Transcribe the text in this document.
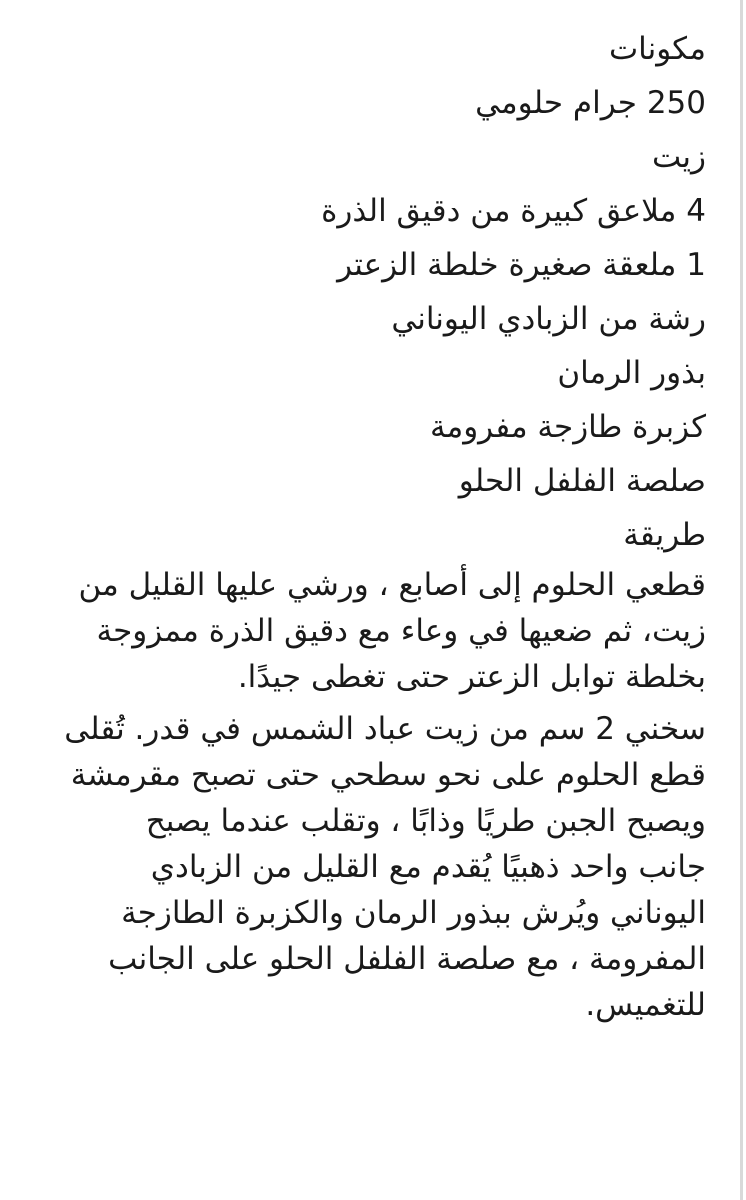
مكونات
250 جرام حلومي
زيت
4 ملاعق كبيرة من دقيق الذرة
1 ملعقة صغيرة خلطة الزعتر
رشة من الزبادي اليوناني
بذور الرمان
كزبرة طازجة مفرومة
صلصة الفلفل الحلو
طريقة
قطعي الحلوم إلى أصابع ، ورشي عليها القليل من
زيت، ثم ضعيها في وعاء مع دقيق الذرة ممزوجة
بخلطة توابل الزعتر حتى تغطى جيدًا.
سخني 2 سم من زيت عباد الشمس في قدر. تُقلى
قطع الحلوم على نحو سطحي حتى تصبح مقرمشة
ويصبح الجبن طريًا وذابًا ، وتقلب عندما يصبح
جانب واحد ذهبيًا يُقدم مع القليل من الزبادي
اليوناني ويُرش ببذور الرمان والكزبرة الطازجة
المفرومة ، مع صلصة الفلفل الحلو على الجانب
للتغميس.
